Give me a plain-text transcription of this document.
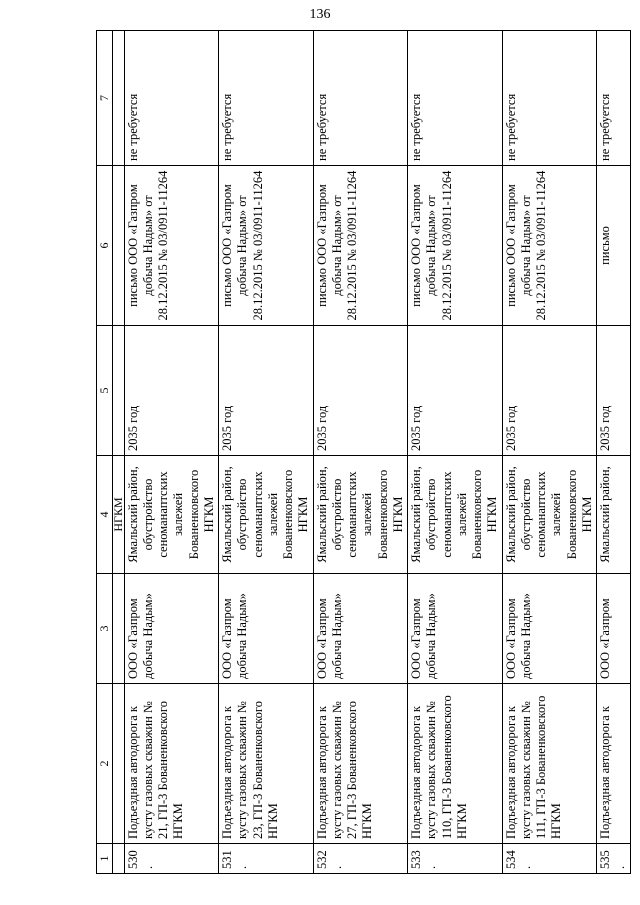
136
1	2	3	4	5	6	7
			НГКМ			
530.	Подъездная автодорога к кусту газовых скважин № 21, ГП-3 Бованенковского НГКМ	ООО «Газпром добыча Надым»	Ямальский район, обустройство сеноманаптских залежей Бованенковского НГКМ	2035 год	письмо ООО «Газпром добыча Надым» от 28.12.2015 № 03/0911-11264	не требуется
531.	Подъездная автодорога к кусту газовых скважин № 23, ГП-3 Бованенковского НГКМ	ООО «Газпром добыча Надым»	Ямальский район, обустройство сеноманаптских залежей Бованенковского НГКМ	2035 год	письмо ООО «Газпром добыча Надым» от 28.12.2015 № 03/0911-11264	не требуется
532.	Подъездная автодорога к кусту газовых скважин № 27, ГП-3 Бованенковского НГКМ	ООО «Газпром добыча Надым»	Ямальский район, обустройство сеноманаптских залежей Бованенковского НГКМ	2035 год	письмо ООО «Газпром добыча Надым» от 28.12.2015 № 03/0911-11264	не требуется
533.	Подъездная автодорога к кусту газовых скважин № 110, ГП-3 Бованенковского НГКМ	ООО «Газпром добыча Надым»	Ямальский район, обустройство сеноманаптских залежей Бованенковского НГКМ	2035 год	письмо ООО «Газпром добыча Надым» от 28.12.2015 № 03/0911-11264	не требуется
534.	Подъездная автодорога к кусту газовых скважин № 111, ГП-3 Бованенковского НГКМ	ООО «Газпром добыча Надым»	Ямальский район, обустройство сеноманаптских залежей Бованенковского НГКМ	2035 год	письмо ООО «Газпром добыча Надым» от 28.12.2015 № 03/0911-11264	не требуется
535.	Подъездная автодорога к	ООО «Газпром	Ямальский район,	2035 год	письмо	не требуется
